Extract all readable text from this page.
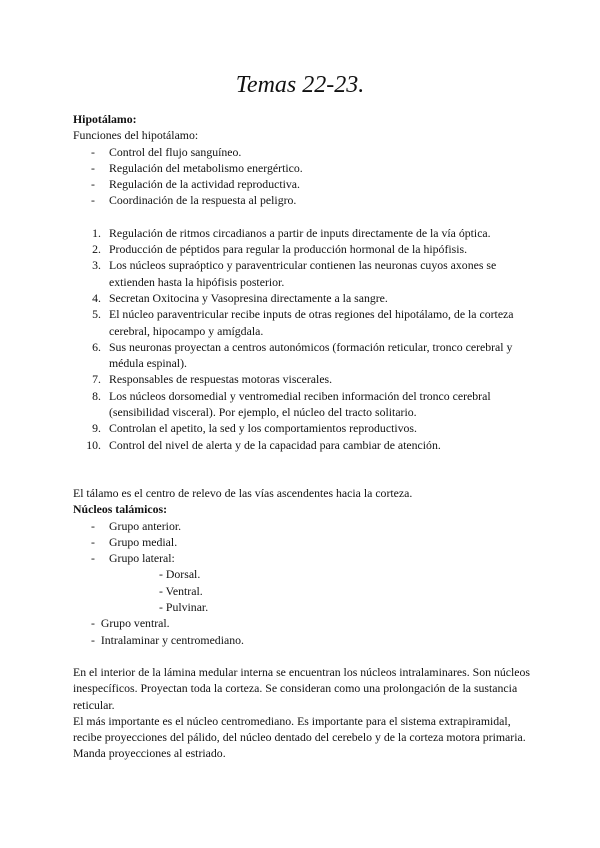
Temas 22-23.
Hipotálamo:
Funciones del hipotálamo:
- Control del flujo sanguíneo.
- Regulación del metabolismo energértico.
- Regulación de la actividad reproductiva.
- Coordinación de la respuesta al peligro.
1. Regulación de ritmos circadianos a partir de inputs directamente de la vía óptica.
2. Producción de péptidos para regular la producción hormonal de la hipófisis.
3. Los núcleos supraóptico y paraventricular contienen las neuronas cuyos axones se extienden hasta la hipófisis posterior.
4. Secretan Oxitocina y Vasopresina directamente a la sangre.
5. El núcleo paraventricular recibe inputs de otras regiones del hipotálamo, de la corteza cerebral, hipocampo y amígdala.
6. Sus neuronas proyectan a centros autonómicos (formación reticular, tronco cerebral y médula espinal).
7. Responsables de respuestas motoras viscerales.
8. Los núcleos dorsomedial y ventromedial reciben información del tronco cerebral (sensibilidad visceral). Por ejemplo, el núcleo del tracto solitario.
9. Controlan el apetito, la sed y los comportamientos reproductivos.
10. Control del nivel de alerta y de la capacidad para cambiar de atención.
El tálamo es el centro de relevo de las vías ascendentes hacia la corteza.
Núcleos talámicos:
- Grupo anterior.
- Grupo medial.
- Grupo lateral:
- Dorsal.
- Ventral.
- Pulvinar.
-  Grupo ventral.
-  Intralaminar y centromediano.
En el interior de la lámina medular interna se encuentran los núcleos intralaminares. Son núcleos inespecíficos. Proyectan toda la corteza. Se consideran como una prolongación de la sustancia reticular.
El más importante es el núcleo centromediano. Es importante para el sistema extrapiramidal, recibe proyecciones del pálido, del núcleo dentado del cerebelo y de la corteza motora primaria. Manda proyecciones al estriado.
